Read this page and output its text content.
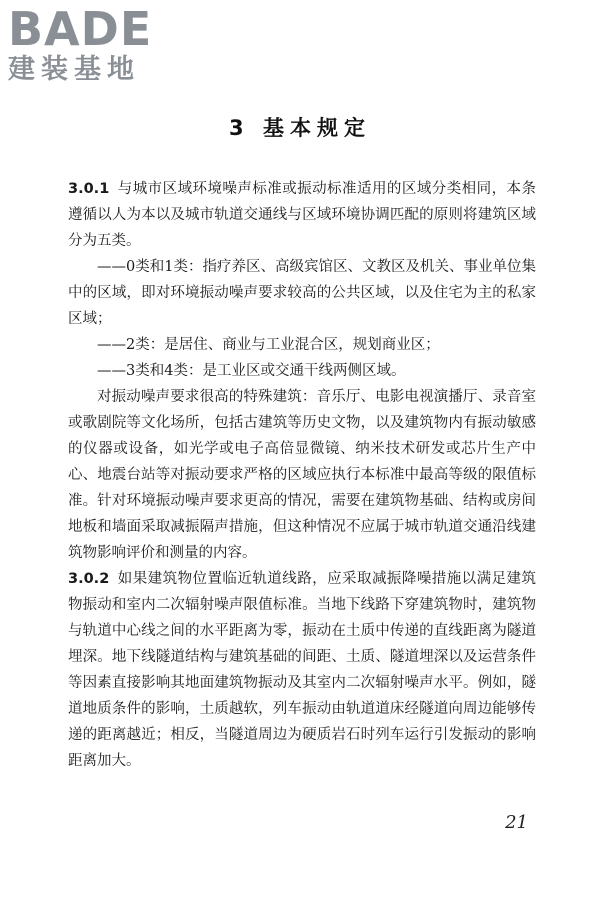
BADE
建装基地
3 基本规定

3.0.1 与城市区域环境噪声标准或振动标准适用的区域分类相同，本条遵循以人为本以及城市轨道交通线与区域环境协调匹配的原则将建筑区域分为五类。

——0类和1类：指疗养区、高级宾馆区、文教区及机关、事业单位集中的区域，即对环境振动噪声要求较高的公共区域，以及住宅为主的私家区域；

——2类：是居住、商业与工业混合区，规划商业区；

——3类和4类：是工业区或交通干线两侧区域。

对振动噪声要求很高的特殊建筑：音乐厅、电影电视演播厅、录音室或歌剧院等文化场所，包括古建筑等历史文物，以及建筑物内有振动敏感的仪器或设备，如光学或电子高倍显微镜、纳米技术研发或芯片生产中心、地震台站等对振动要求严格的区域应执行本标准中最高等级的限值标准。针对环境振动噪声要求更高的情况，需要在建筑物基础、结构或房间地板和墙面采取减振隔声措施，但这种情况不应属于城市轨道交通沿线建筑物影响评价和测量的内容。

3.0.2 如果建筑物位置临近轨道线路，应采取减振降噪措施以满足建筑物振动和室内二次辐射噪声限值标准。当地下线路下穿建筑物时，建筑物与轨道中心线之间的水平距离为零，振动在土质中传递的直线距离为隧道埋深。地下线隧道结构与建筑基础的间距、土质、隧道埋深以及运营条件等因素直接影响其地面建筑物振动及其室内二次辐射噪声水平。例如，隧道地质条件的影响，土质越软，列车振动由轨道道床经隧道向周边能够传递的距离越近；相反，当隧道周边为硬质岩石时列车运行引发振动的影响距离加大。

21
